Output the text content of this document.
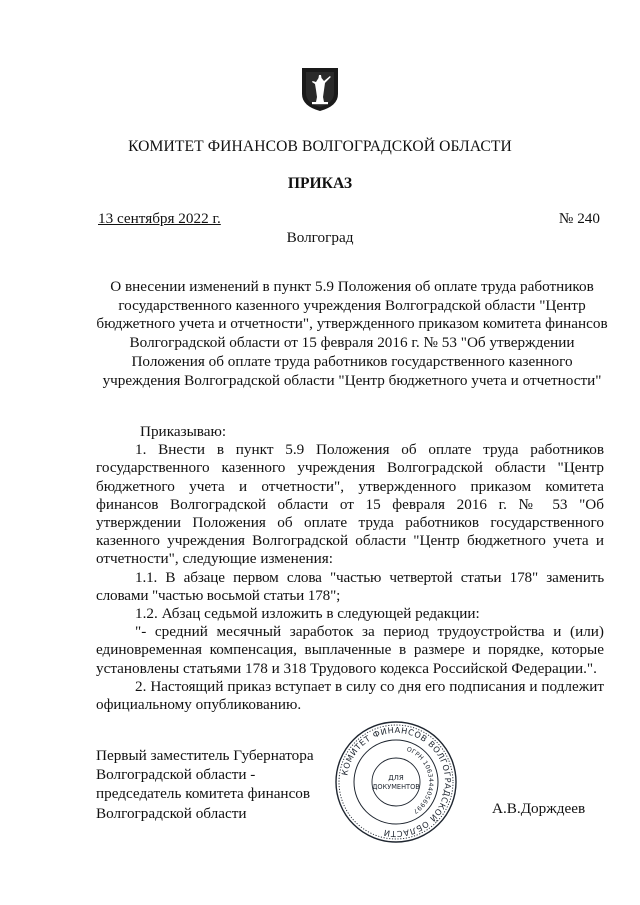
КОМИТЕТ ФИНАНСОВ ВОЛГОГРАДСКОЙ ОБЛАСТИ
ПРИКАЗ
13 сентября 2022 г.	№ 240
Волгоград
О внесении изменений в пункт 5.9 Положения об оплате труда работников государственного казенного учреждения Волгоградской области "Центр бюджетного учета и отчетности", утвержденного приказом комитета финансов Волгоградской области от 15 февраля 2016 г. № 53 "Об утверждении Положения об оплате труда работников государственного казенного учреждения Волгоградской области "Центр бюджетного учета и отчетности"

Приказываю:

1. Внести в пункт 5.9 Положения об оплате труда работников государственного казенного учреждения Волгоградской области "Центр бюджетного учета и отчетности", утвержденного приказом комитета финансов Волгоградской области от 15 февраля 2016 г. № 53 "Об утверждении Положения об оплате труда работников государственного казенного учреждения Волгоградской области "Центр бюджетного учета и отчетности", следующие изменения:

1.1. В абзаце первом слова "частью четвертой статьи 178" заменить словами "частью восьмой статьи 178";

1.2. Абзац седьмой изложить в следующей редакции:

"- средний месячный заработок за период трудоустройства и (или) единовременная компенсация, выплаченные в размере и порядке, которые установлены статьями 178 и 318 Трудового кодекса Российской Федерации.".

2. Настоящий приказ вступает в силу со дня его подписания и подлежит официальному опубликованию.

Первый заместитель Губернатора
Волгоградской области -
председатель комитета финансов
Волгоградской области
КОМИТЕТ ФИНАНСОВ ВОЛГОГРАДСКОЙ ОБЛАСТИ
ОГРН 1063444056997
ДЛЯ
ДОКУМЕНТОВ
А.В.Дорждеев
